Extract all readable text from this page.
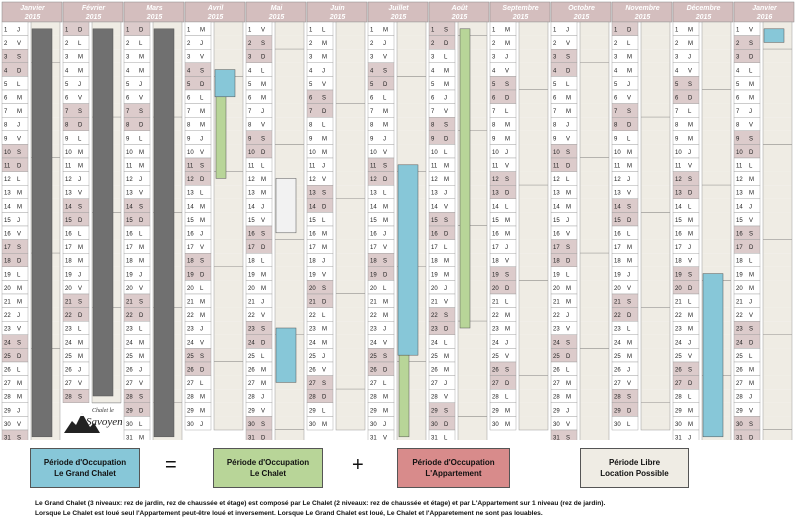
Janvier
2015
1 J
2 V
3 S
4 D
5 L
6 M
7 M
8 J
9 V
10 S
11 D
12 L
13 M
14 M
15 J
16 V
17 S
18 D
19 L
20 M
21 M
22 J
23 V
24 S
25 D
26 L
27 M
28 M
29 J
30 V
31 S
Février
2015
1 D
2 L
3 M
4 M
5 J
6 V
7 S
8 D
9 L
10 M
11 M
12 J
13 V
14 S
15 D
16 L
17 M
18 M
19 J
20 V
21 S
22 D
23 L
24 M
25 M
26 J
27 V
28 S
Mars
2015
1 D
2 L
3 M
4 M
5 J
6 V
7 S
8 D
9 L
10 M
11 M
12 J
13 V
14 S
15 D
16 L
17 M
18 M
19 J
20 V
21 S
22 D
23 L
24 M
25 M
26 J
27 V
28 S
29 D
30 L
31 M
Avril
2015
1 M
2 J
3 V
4 S
5 D
6 L
7 M
8 M
9 J
10 V
11 S
12 D
13 L
14 M
15 M
16 J
17 V
18 S
19 D
20 L
21 M
22 M
23 J
24 V
25 S
26 D
27 L
28 M
29 M
30 J
Mai
2015
1 V
2 S
3 D
4 L
5 M
6 M
7 J
8 V
9 S
10 D
11 L
12 M
13 M
14 J
15 V
16 S
17 D
18 L
19 M
20 M
21 J
22 V
23 S
24 D
25 L
26 M
27 M
28 J
29 V
30 S
31 D
Juin
2015
1 L
2 M
3 M
4 J
5 V
6 S
7 D
8 L
9 M
10 M
11 J
12 V
13 S
14 D
15 L
16 M
17 M
18 J
19 V
20 S
21 D
22 L
23 M
24 M
25 J
26 V
27 S
28 D
29 L
30 M
Juillet
2015
1 M
2 J
3 V
4 S
5 D
6 L
7 M
8 M
9 J
10 V
11 S
12 D
13 L
14 M
15 M
16 J
17 V
18 S
19 D
20 L
21 M
22 M
23 J
24 V
25 S
26 D
27 L
28 M
29 M
30 J
31 V
Août
2015
1 S
2 D
3 L
4 M
5 M
6 J
7 V
8 S
9 D
10 L
11 M
12 M
13 J
14 V
15 S
16 D
17 L
18 M
19 M
20 J
21 V
22 S
23 D
24 L
25 M
26 M
27 J
28 V
29 S
30 D
31 L
Septembre
2015
1 M
2 M
3 J
4 V
5 S
6 D
7 L
8 M
9 M
10 J
11 V
12 S
13 D
14 L
15 M
16 M
17 J
18 V
19 S
20 D
21 L
22 M
23 M
24 J
25 V
26 S
27 D
28 L
29 M
30 M
Octobre
2015
1 J
2 V
3 S
4 D
5 L
6 M
7 M
8 J
9 V
10 S
11 D
12 L
13 M
14 M
15 J
16 V
17 S
18 D
19 L
20 M
21 M
22 J
23 V
24 S
25 D
26 L
27 M
28 M
29 J
30 V
31 S
Novembre
2015
1 D
2 L
3 M
4 M
5 J
6 V
7 S
8 D
9 L
10 M
11 M
12 J
13 V
14 S
15 D
16 L
17 M
18 M
19 J
20 V
21 S
22 D
23 L
24 M
25 M
26 J
27 V
28 S
29 D
30 L
Décembre
2015
1 M
2 M
3 J
4 V
5 S
6 D
7 L
8 M
9 M
10 J
11 V
12 S
13 D
14 L
15 M
16 M
17 J
18 V
19 S
20 D
21 L
22 M
23 M
24 J
25 V
26 S
27 D
28 L
29 M
30 M
31 J
Janvier
2016
1 V
2 S
3 D
4 L
5 M
6 M
7 J
8 V
9 S
10 D
11 L
12 M
13 M
14 J
15 V
16 S
17 D
18 L
19 M
20 M
21 J
22 V
23 S
24 D
25 L
26 M
27 M
28 J
29 V
30 S
31 D
Chalet le
Savoyen
Période d'Occupation
Le Grand Chalet =	Période d'Occupation
Le Chalet	+	Période d'Occupation
L'Appartement
Période Libre
Location Possible
Le Grand Chalet (3 niveaux: rez de jardin, rez de chaussée et étage) est composé par Le Chalet (2 niveaux: rez de chaussée et étage) et par L'Appartement sur 1 niveau (rez de jardin).
Lorsque Le Chalet est loué seul l'Appartement peut-être loué et inversement. Lorsque Le Grand Chalet est loué, Le Chalet et l'Apparetement ne sont pas louables.
